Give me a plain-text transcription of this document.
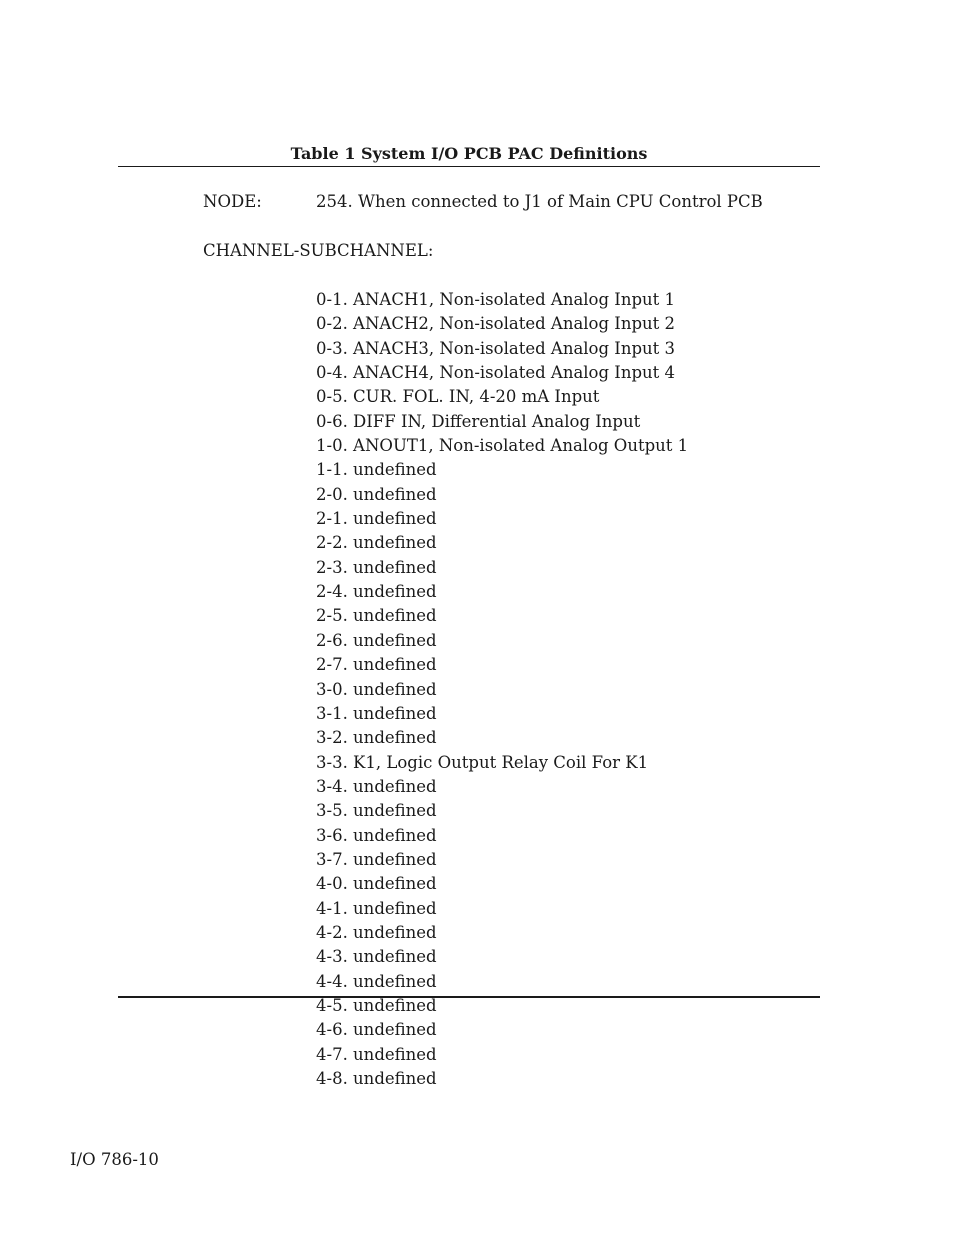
Table 1 System I/O PCB PAC Definitions
NODE:	254. When connected to J1 of Main CPU Control PCB
CHANNEL-SUBCHANNEL:
0-1. ANACH1, Non-isolated Analog Input 1
0-2. ANACH2, Non-isolated Analog Input 2
0-3. ANACH3, Non-isolated Analog Input 3
0-4. ANACH4, Non-isolated Analog Input 4
0-5. CUR. FOL. IN, 4-20 mA Input
0-6. DIFF IN, Differential Analog Input
1-0. ANOUT1, Non-isolated Analog Output 1
1-1. undefined
2-0. undefined
2-1. undefined
2-2. undefined
2-3. undefined
2-4. undefined
2-5. undefined
2-6. undefined
2-7. undefined
3-0. undefined
3-1. undefined
3-2. undefined
3-3. K1, Logic Output Relay Coil For K1
3-4. undefined
3-5. undefined
3-6. undefined
3-7. undefined
4-0. undefined
4-1. undefined
4-2. undefined
4-3. undefined
4-4. undefined
4-5. undefined
4-6. undefined
4-7. undefined
4-8. undefined
I/O 786-10
